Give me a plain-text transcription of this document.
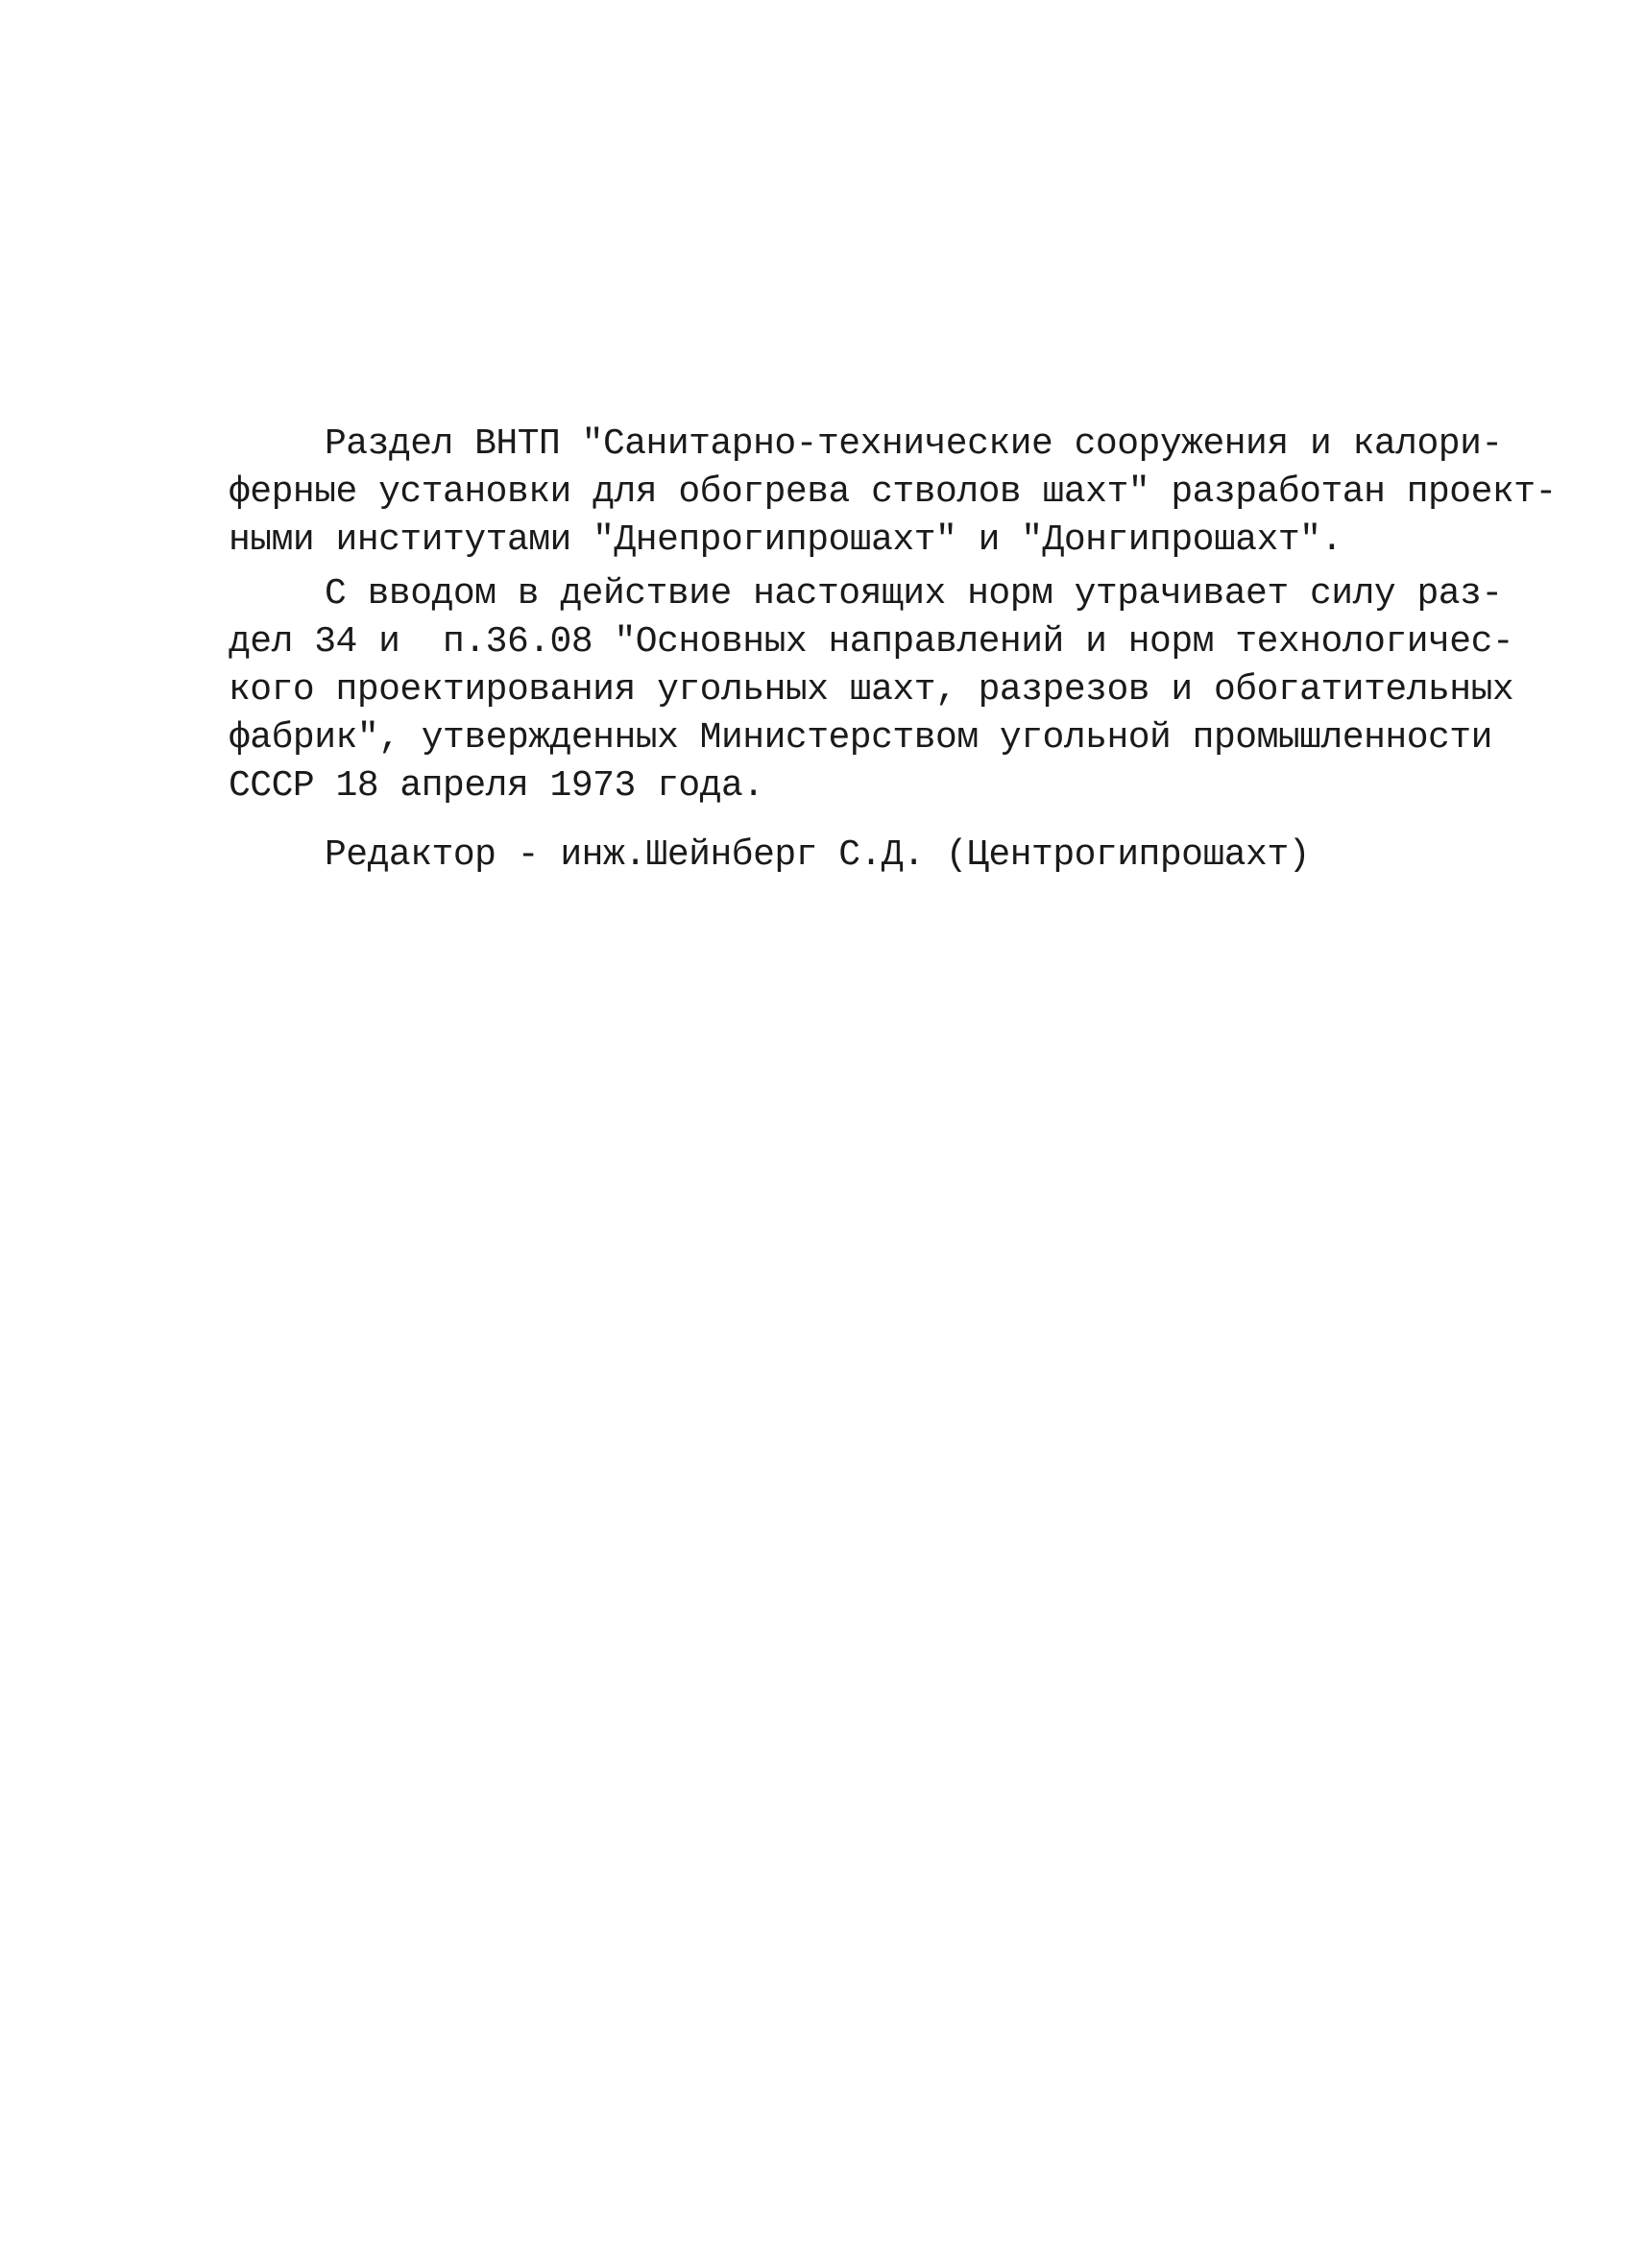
Раздел ВНТП "Санитарно-технические сооружения и калори-
ферные установки для обогрева стволов шахт" разработан проект-
ными институтами "Днепрогипрошахт" и "Донгипрошахт".
С вводом в действие настоящих норм утрачивает силу раз-
дел 34 и  п.36.08 "Основных направлений и норм технологичес-
кого проектирования угольных шахт, разрезов и обогатительных
фабрик", утвержденных Министерством угольной промышленности
СССР 18 апреля 1973 года.
Редактор - инж.Шейнберг С.Д. (Центрогипрошахт)
